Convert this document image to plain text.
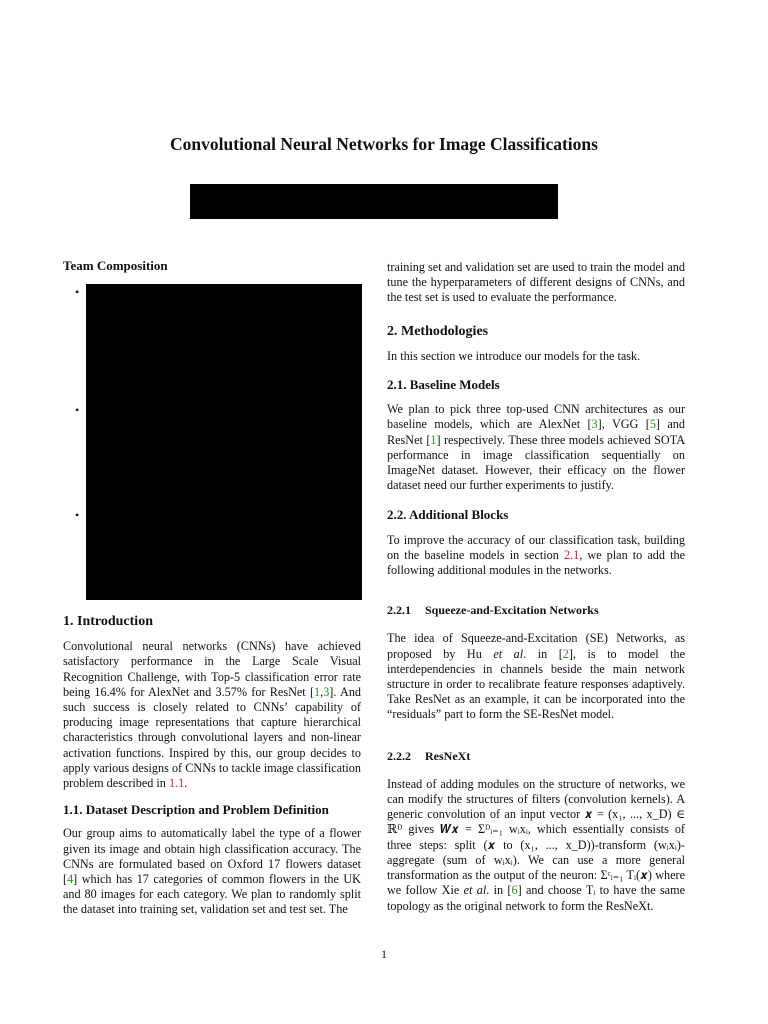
Convolutional Neural Networks for Image Classifications
Team Composition
•
•
•
1. Introduction

Convolutional neural networks (CNNs) have achieved satisfactory performance in the Large Scale Visual Recognition Challenge, with Top-5 classification error rate being 16.4% for AlexNet and 3.57% for ResNet [1,3]. And such success is closely related to CNNs’ capability of producing image representations that capture hierarchical characteristics through convolutional layers and non-linear activation functions. Inspired by this, our group decides to apply various designs of CNNs to tackle image classification problem described in 1.1.

1.1. Dataset Description and Problem Definition

Our group aims to automatically label the type of a flower given its image and obtain high classification accuracy. The CNNs are formulated based on Oxford 17 flowers dataset [4] which has 17 categories of common flowers in the UK and 80 images for each category. We plan to randomly split the dataset into training set, validation set and test set. The

training set and validation set are used to train the model and tune the hyperparameters of different designs of CNNs, and the test set is used to evaluate the performance.

2. Methodologies

In this section we introduce our models for the task.

2.1. Baseline Models

We plan to pick three top-used CNN architectures as our baseline models, which are AlexNet [3], VGG [5] and ResNet [1] respectively. These three models achieved SOTA performance in image classification sequentially on ImageNet dataset. However, their efficacy on the flower dataset need our further experiments to justify.

2.2. Additional Blocks

To improve the accuracy of our classification task, building on the baseline models in section 2.1, we plan to add the following additional modules in the networks.

2.2.1 Squeeze-and-Excitation Networks

The idea of Squeeze-and-Excitation (SE) Networks, as proposed by Hu et al. in [2], is to model the interdependencies in channels beside the main network structure in order to recalibrate feature responses adaptively. Take ResNet as an example, it can be incorporated into the “residuals” part to form the SE-ResNet model.

2.2.2 ResNeXt

Instead of adding modules on the structure of networks, we can modify the structures of filters (convolution kernels). A generic convolution of an input vector 𝒙 = (x₁, ..., x_D) ∈ ℝᴰ gives 𝑾𝒙 = Σᴰᵢ₌₁ wᵢxᵢ, which essentially consists of three steps: split (𝒙 to (x₁, ..., x_D))-transform (wᵢxᵢ)-aggregate (sum of wᵢxᵢ). We can use a more general transformation as the output of the neuron: Σᶜᵢ₌₁ Tᵢ(𝒙) where we follow Xie et al. in [6] and choose Tᵢ to have the same topology as the original network to form the ResNeXt.

1
